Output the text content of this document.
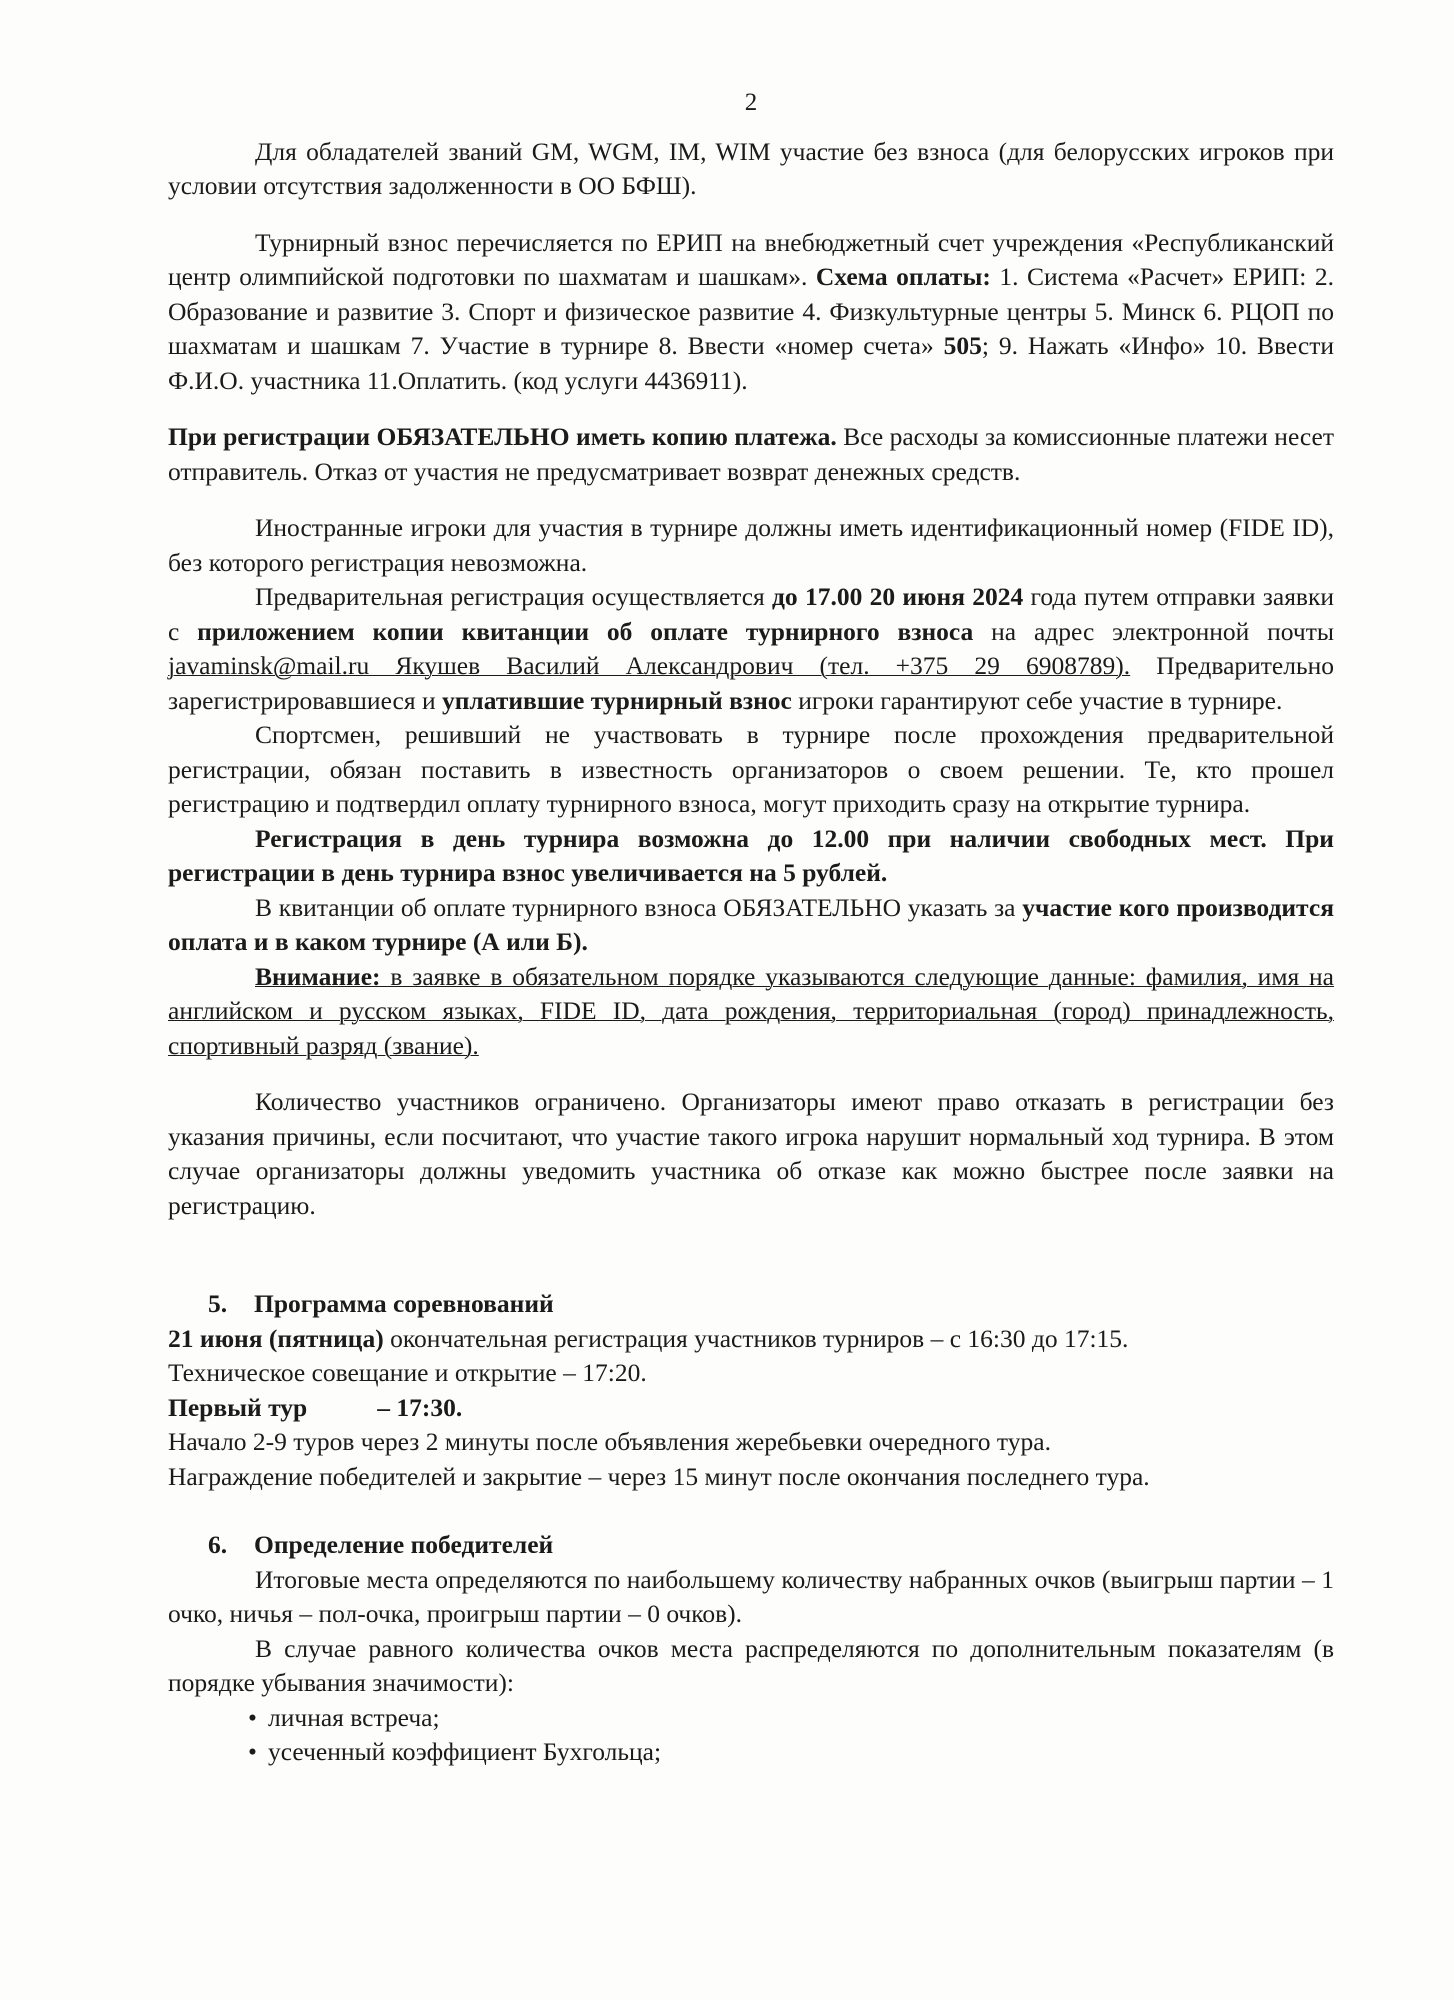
2

Для обладателей званий GM, WGM, IM, WIM участие без взноса (для белорусских игроков при условии отсутствия задолженности в ОО БФШ).

Турнирный взнос перечисляется по ЕРИП на внебюджетный счет учреждения «Республиканский центр олимпийской подготовки по шахматам и шашкам». Схема оплаты: 1. Система «Расчет» ЕРИП: 2. Образование и развитие 3. Спорт и физическое развитие 4. Физкультурные центры 5. Минск 6. РЦОП по шахматам и шашкам 7. Участие в турнире 8. Ввести «номер счета» 505; 9. Нажать «Инфо» 10. Ввести Ф.И.О. участника 11.Оплатить. (код услуги 4436911).

При регистрации ОБЯЗАТЕЛЬНО иметь копию платежа. Все расходы за комиссионные платежи несет отправитель. Отказ от участия не предусматривает возврат денежных средств.

Иностранные игроки для участия в турнире должны иметь идентификационный номер (FIDE ID), без которого регистрация невозможна.

Предварительная регистрация осуществляется до 17.00 20 июня 2024 года путем отправки заявки с приложением копии квитанции об оплате турнирного взноса на адрес электронной почты javaminsk@mail.ru Якушев Василий Александрович (тел. +375 29 6908789). Предварительно зарегистрировавшиеся и уплатившие турнирный взнос игроки гарантируют себе участие в турнире.

Спортсмен, решивший не участвовать в турнире после прохождения предварительной регистрации, обязан поставить в известность организаторов о своем решении. Те, кто прошел регистрацию и подтвердил оплату турнирного взноса, могут приходить сразу на открытие турнира.

Регистрация в день турнира возможна до 12.00 при наличии свободных мест. При регистрации в день турнира взнос увеличивается на 5 рублей.

В квитанции об оплате турнирного взноса ОБЯЗАТЕЛЬНО указать за участие кого производится оплата и в каком турнире (А или Б).

Внимание: в заявке в обязательном порядке указываются следующие данные: фамилия, имя на английском и русском языках, FIDE ID, дата рождения, территориальная (город) принадлежность, спортивный разряд (звание).

Количество участников ограничено. Организаторы имеют право отказать в регистрации без указания причины, если посчитают, что участие такого игрока нарушит нормальный ход турнира. В этом случае организаторы должны уведомить участника об отказе как можно быстрее после заявки на регистрацию.

5. Программа соревнований

21 июня (пятница) окончательная регистрация участников турниров – с 16:30 до 17:15.

Техническое совещание и открытие – 17:20.

Первый тур	– 17:30.

Начало 2-9 туров через 2 минуты после объявления жеребьевки очередного тура.

Награждение победителей и закрытие – через 15 минут после окончания последнего тура.

6. Определение победителей

Итоговые места определяются по наибольшему количеству набранных очков (выигрыш партии – 1 очко, ничья – пол-очка, проигрыш партии – 0 очков).

В случае равного количества очков места распределяются по дополнительным показателям (в порядке убывания значимости):

• личная встреча;
• усеченный коэффициент Бухгольца;
